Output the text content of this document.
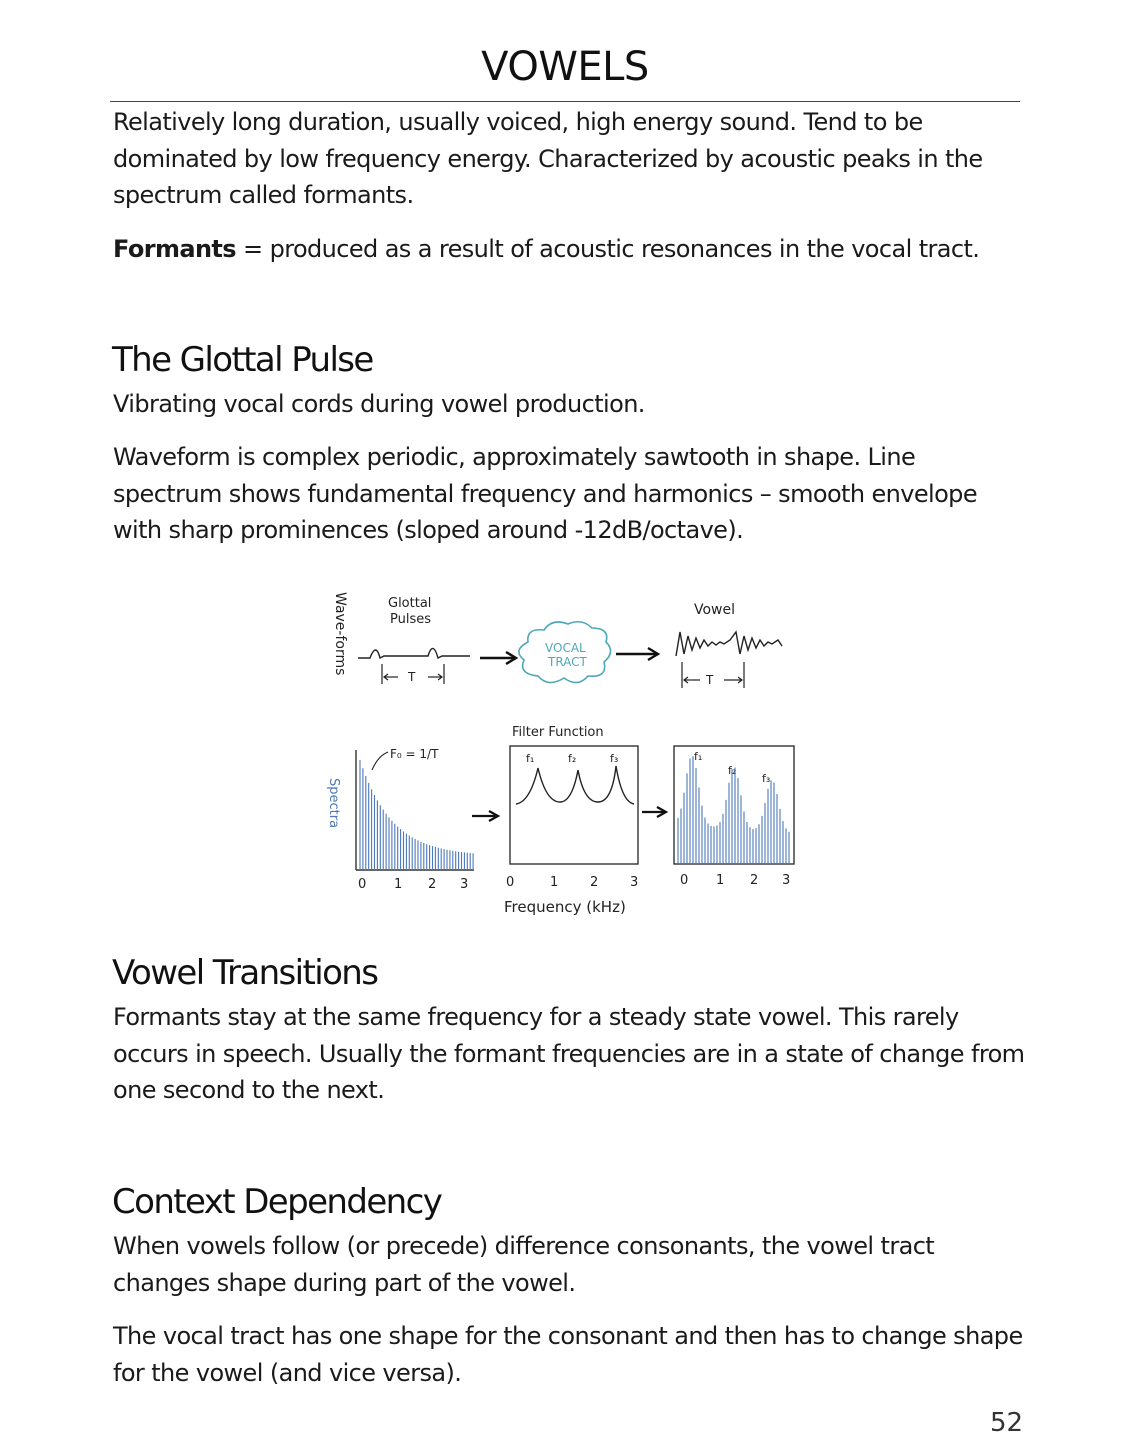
VOWELS

Relatively long duration, usually voiced, high energy sound. Tend to be dominated by low frequency energy. Characterized by acoustic peaks in the spectrum called formants.

Formants = produced as a result of acoustic resonances in the vocal tract.

The Glottal Pulse

Vibrating vocal cords during vowel production.

Waveform is complex periodic, approximately sawtooth in shape. Line spectrum shows fundamental frequency and harmonics – smooth envelope with sharp prominences (sloped around -12dB/octave).

Wave-forms
Spectra
Glottal
Pulses
T
VOCAL
TRACT
Vowel
T
F₀ = 1/T
0 1 2 3
Filter Function
f₁	f₂	f₃
0	1 2 3
Frequency (kHz)
f₁
f₂
f₃
0 1 2 3
Vowel Transitions

Formants stay at the same frequency for a steady state vowel. This rarely occurs in speech. Usually the formant frequencies are in a state of change from one second to the next.

Context Dependency

When vowels follow (or precede) difference consonants, the vowel tract changes shape during part of the vowel.

The vocal tract has one shape for the consonant and then has to change shape for the vowel (and vice versa).

52
